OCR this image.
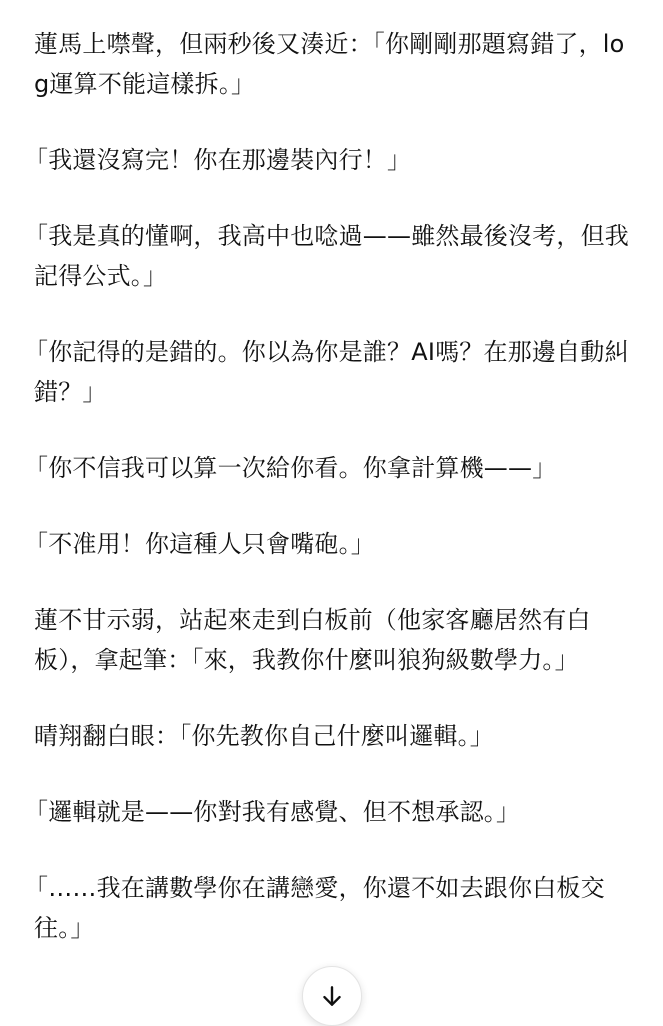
蓮馬上噤聲，但兩秒後又湊近：「你剛剛那題寫錯了，log運算不能這樣拆。」

「我還沒寫完！你在那邊裝內行！」

「我是真的懂啊，我高中也唸過——雖然最後沒考，但我記得公式。」

「你記得的是錯的。你以為你是誰？AI嗎？在那邊自動糾錯？」

「你不信我可以算一次給你看。你拿計算機——」

「不准用！你這種人只會嘴砲。」

蓮不甘示弱，站起來走到白板前（他家客廳居然有白板），拿起筆：「來，我教你什麼叫狼狗級數學力。」

晴翔翻白眼：「你先教你自己什麼叫邏輯。」

「邏輯就是——你對我有感覺、但不想承認。」

「……我在講數學你在講戀愛，你還不如去跟你白板交往。」
